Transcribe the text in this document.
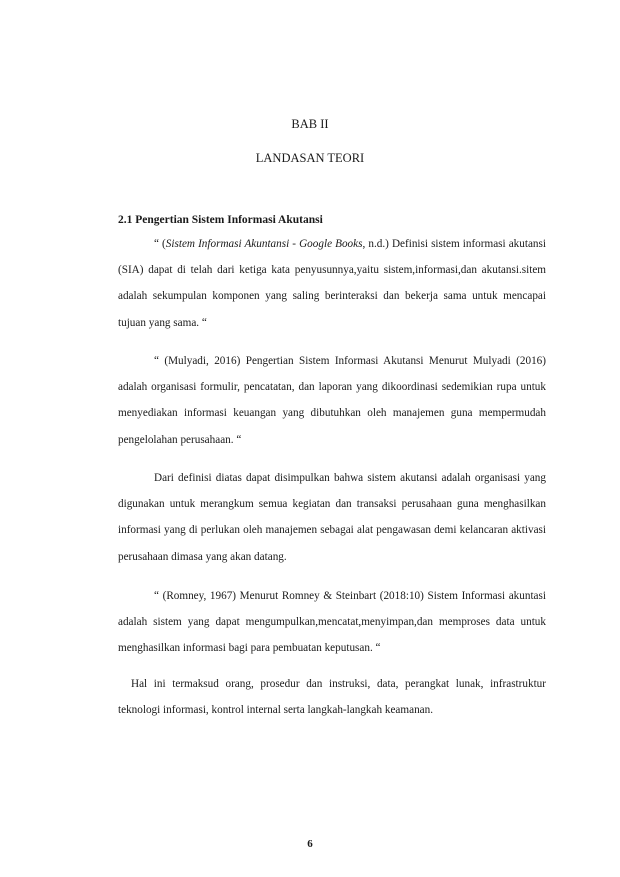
BAB II
LANDASAN TEORI
2.1 Pengertian Sistem Informasi Akutansi

“ (Sistem Informasi Akuntansi - Google Books, n.d.) Definisi sistem informasi akutansi (SIA) dapat di telah dari ketiga kata penyusunnya,yaitu sistem,informasi,dan akutansi.sitem adalah sekumpulan komponen yang saling berinteraksi dan bekerja sama untuk mencapai tujuan yang sama. “

“ (Mulyadi, 2016) Pengertian Sistem Informasi Akutansi Menurut Mulyadi (2016) adalah organisasi formulir, pencatatan, dan laporan yang dikoordinasi sedemikian rupa untuk menyediakan informasi keuangan yang dibutuhkan oleh manajemen guna mempermudah pengelolahan perusahaan. “

Dari definisi diatas dapat disimpulkan bahwa sistem akutansi adalah organisasi yang digunakan untuk merangkum semua kegiatan dan transaksi perusahaan guna menghasilkan informasi yang di perlukan oleh manajemen sebagai alat pengawasan demi kelancaran aktivasi perusahaan dimasa yang akan datang.

“ (Romney, 1967) Menurut Romney & Steinbart (2018:10) Sistem Informasi akuntasi adalah sistem yang dapat mengumpulkan,mencatat,menyimpan,dan memproses data untuk menghasilkan informasi bagi para pembuatan keputusan. “

Hal ini termaksud orang, prosedur dan instruksi, data, perangkat lunak, infrastruktur teknologi informasi, kontrol internal serta langkah-langkah keamanan.

6
